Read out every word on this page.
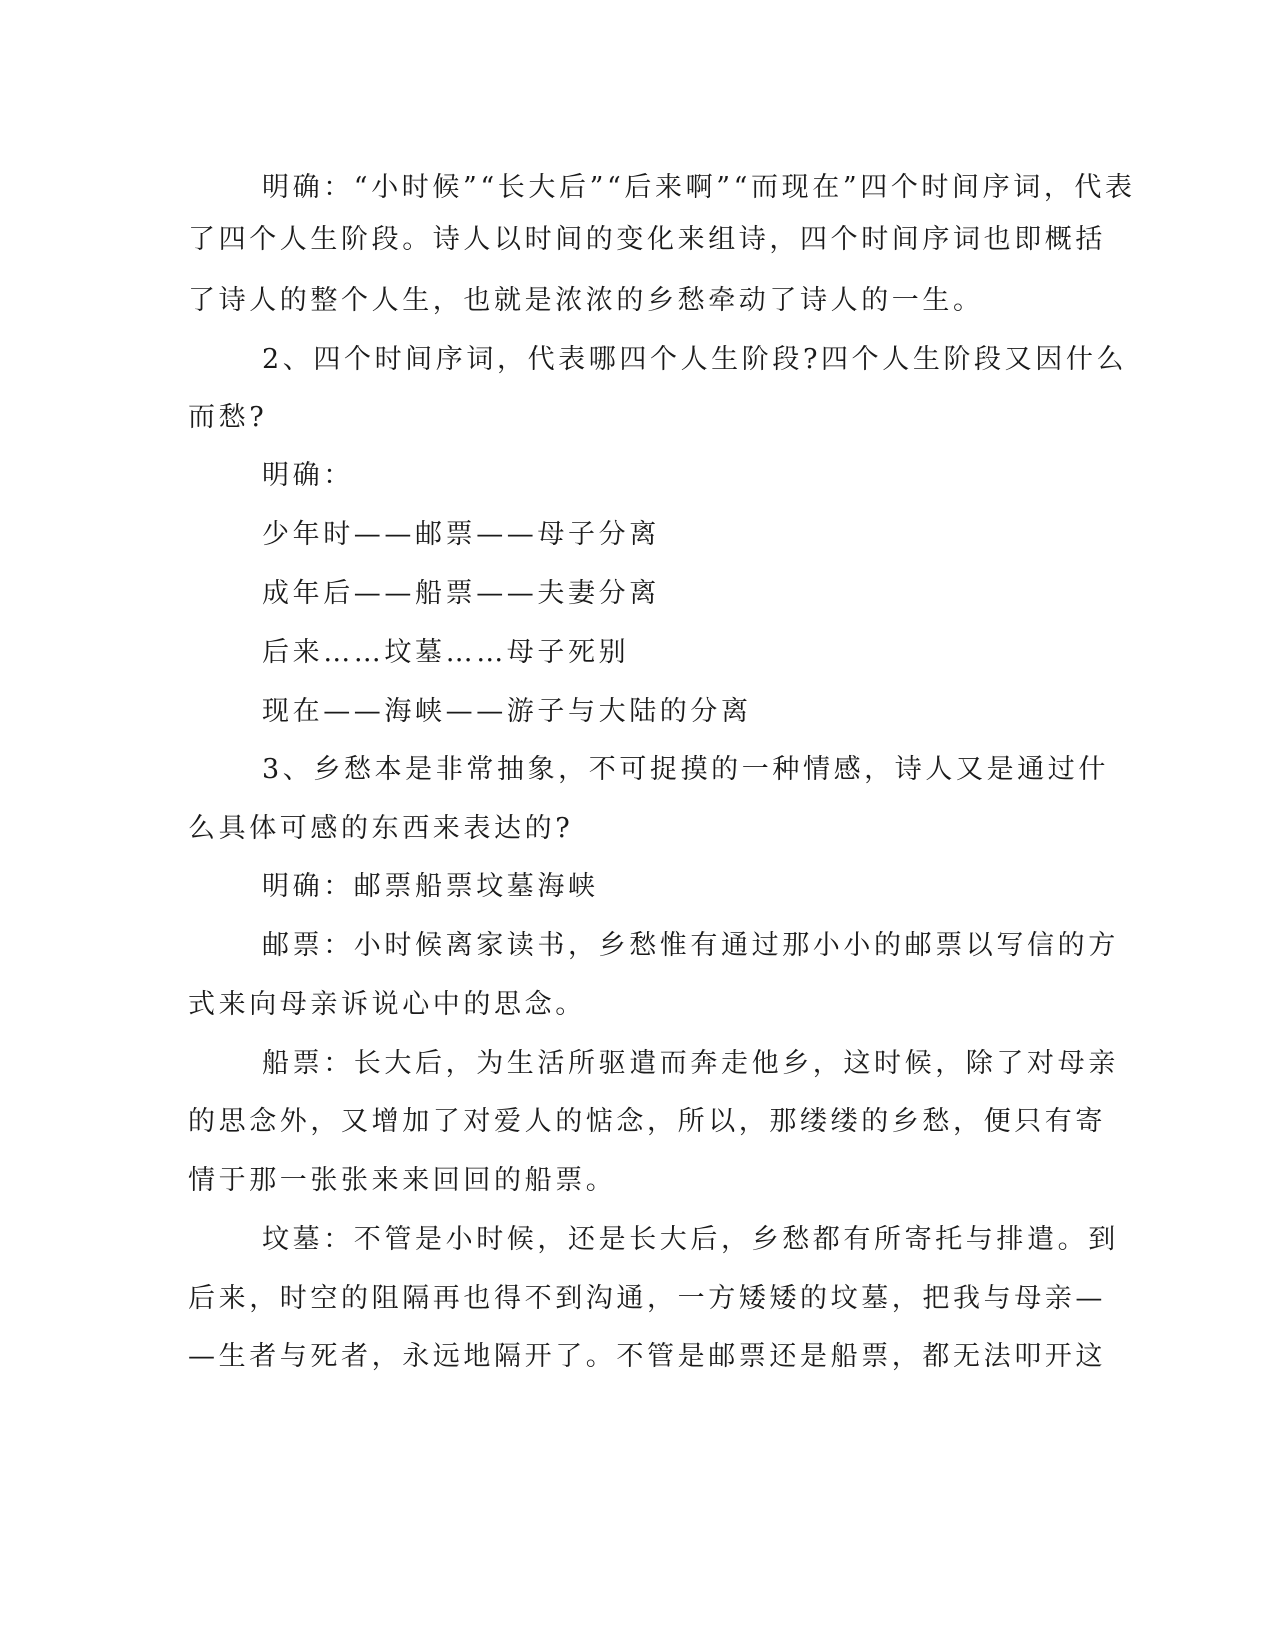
明确：“小时候”“长大后”“后来啊”“而现在”四个时间序词，代表
了四个人生阶段。诗人以时间的变化来组诗，四个时间序词也即概括
了诗人的整个人生，也就是浓浓的乡愁牵动了诗人的一生。
2、四个时间序词，代表哪四个人生阶段?四个人生阶段又因什么
而愁?
明确：
少年时——邮票——母子分离
成年后——船票——夫妻分离
后来……坟墓……母子死别
现在——海峡——游子与大陆的分离
3、乡愁本是非常抽象，不可捉摸的一种情感，诗人又是通过什
么具体可感的东西来表达的?
明确：邮票船票坟墓海峡
邮票：小时候离家读书，乡愁惟有通过那小小的邮票以写信的方
式来向母亲诉说心中的思念。
船票：长大后，为生活所驱遣而奔走他乡，这时候，除了对母亲
的思念外，又增加了对爱人的惦念，所以，那缕缕的乡愁，便只有寄
情于那一张张来来回回的船票。
坟墓：不管是小时候，还是长大后，乡愁都有所寄托与排遣。到
后来，时空的阻隔再也得不到沟通，一方矮矮的坟墓，把我与母亲—
—生者与死者，永远地隔开了。不管是邮票还是船票，都无法叩开这
